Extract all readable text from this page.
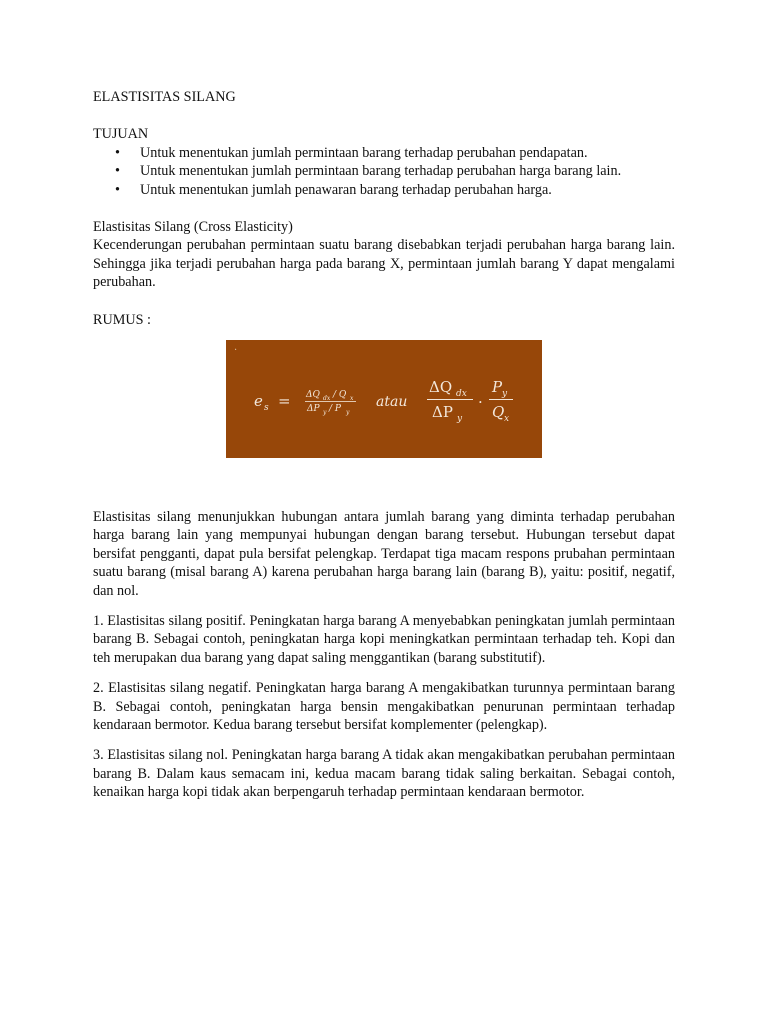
ELASTISITAS SILANG
TUJUAN
• Untuk menentukan jumlah permintaan barang terhadap perubahan pendapatan.
• Untuk menentukan jumlah permintaan barang terhadap perubahan harga barang lain.
• Untuk menentukan jumlah penawaran barang terhadap perubahan harga.
Elastisitas Silang (Cross Elasticity)

Kecenderungan perubahan permintaan suatu barang disebabkan terjadi perubahan harga barang lain. Sehingga jika terjadi perubahan harga pada barang X, permintaan jumlah barang Y dapat mengalami perubahan.

RUMUS :
·
e s = ΔQ dx / Q x
ΔP y / P y
atau
ΔQ dx
ΔP y
·
P y
Q x

Elastisitas silang menunjukkan hubungan antara jumlah barang yang diminta terhadap perubahan harga barang lain yang mempunyai hubungan dengan barang tersebut. Hubungan tersebut dapat bersifat pengganti, dapat pula bersifat pelengkap. Terdapat tiga macam respons prubahan permintaan suatu barang (misal barang A) karena perubahan harga barang lain (barang B), yaitu: positif, negatif, dan nol.

1. Elastisitas silang positif. Peningkatan harga barang A menyebabkan peningkatan jumlah permintaan barang B. Sebagai contoh, peningkatan harga kopi meningkatkan permintaan terhadap teh. Kopi dan teh merupakan dua barang yang dapat saling menggantikan (barang substitutif).

2. Elastisitas silang negatif. Peningkatan harga barang A mengakibatkan turunnya permintaan barang B. Sebagai contoh, peningkatan harga bensin mengakibatkan penurunan permintaan terhadap kendaraan bermotor. Kedua barang tersebut bersifat komplementer (pelengkap).

3. Elastisitas silang nol. Peningkatan harga barang A tidak akan mengakibatkan perubahan permintaan barang B. Dalam kaus semacam ini, kedua macam barang tidak saling berkaitan. Sebagai contoh, kenaikan harga kopi tidak akan berpengaruh terhadap permintaan kendaraan bermotor.
